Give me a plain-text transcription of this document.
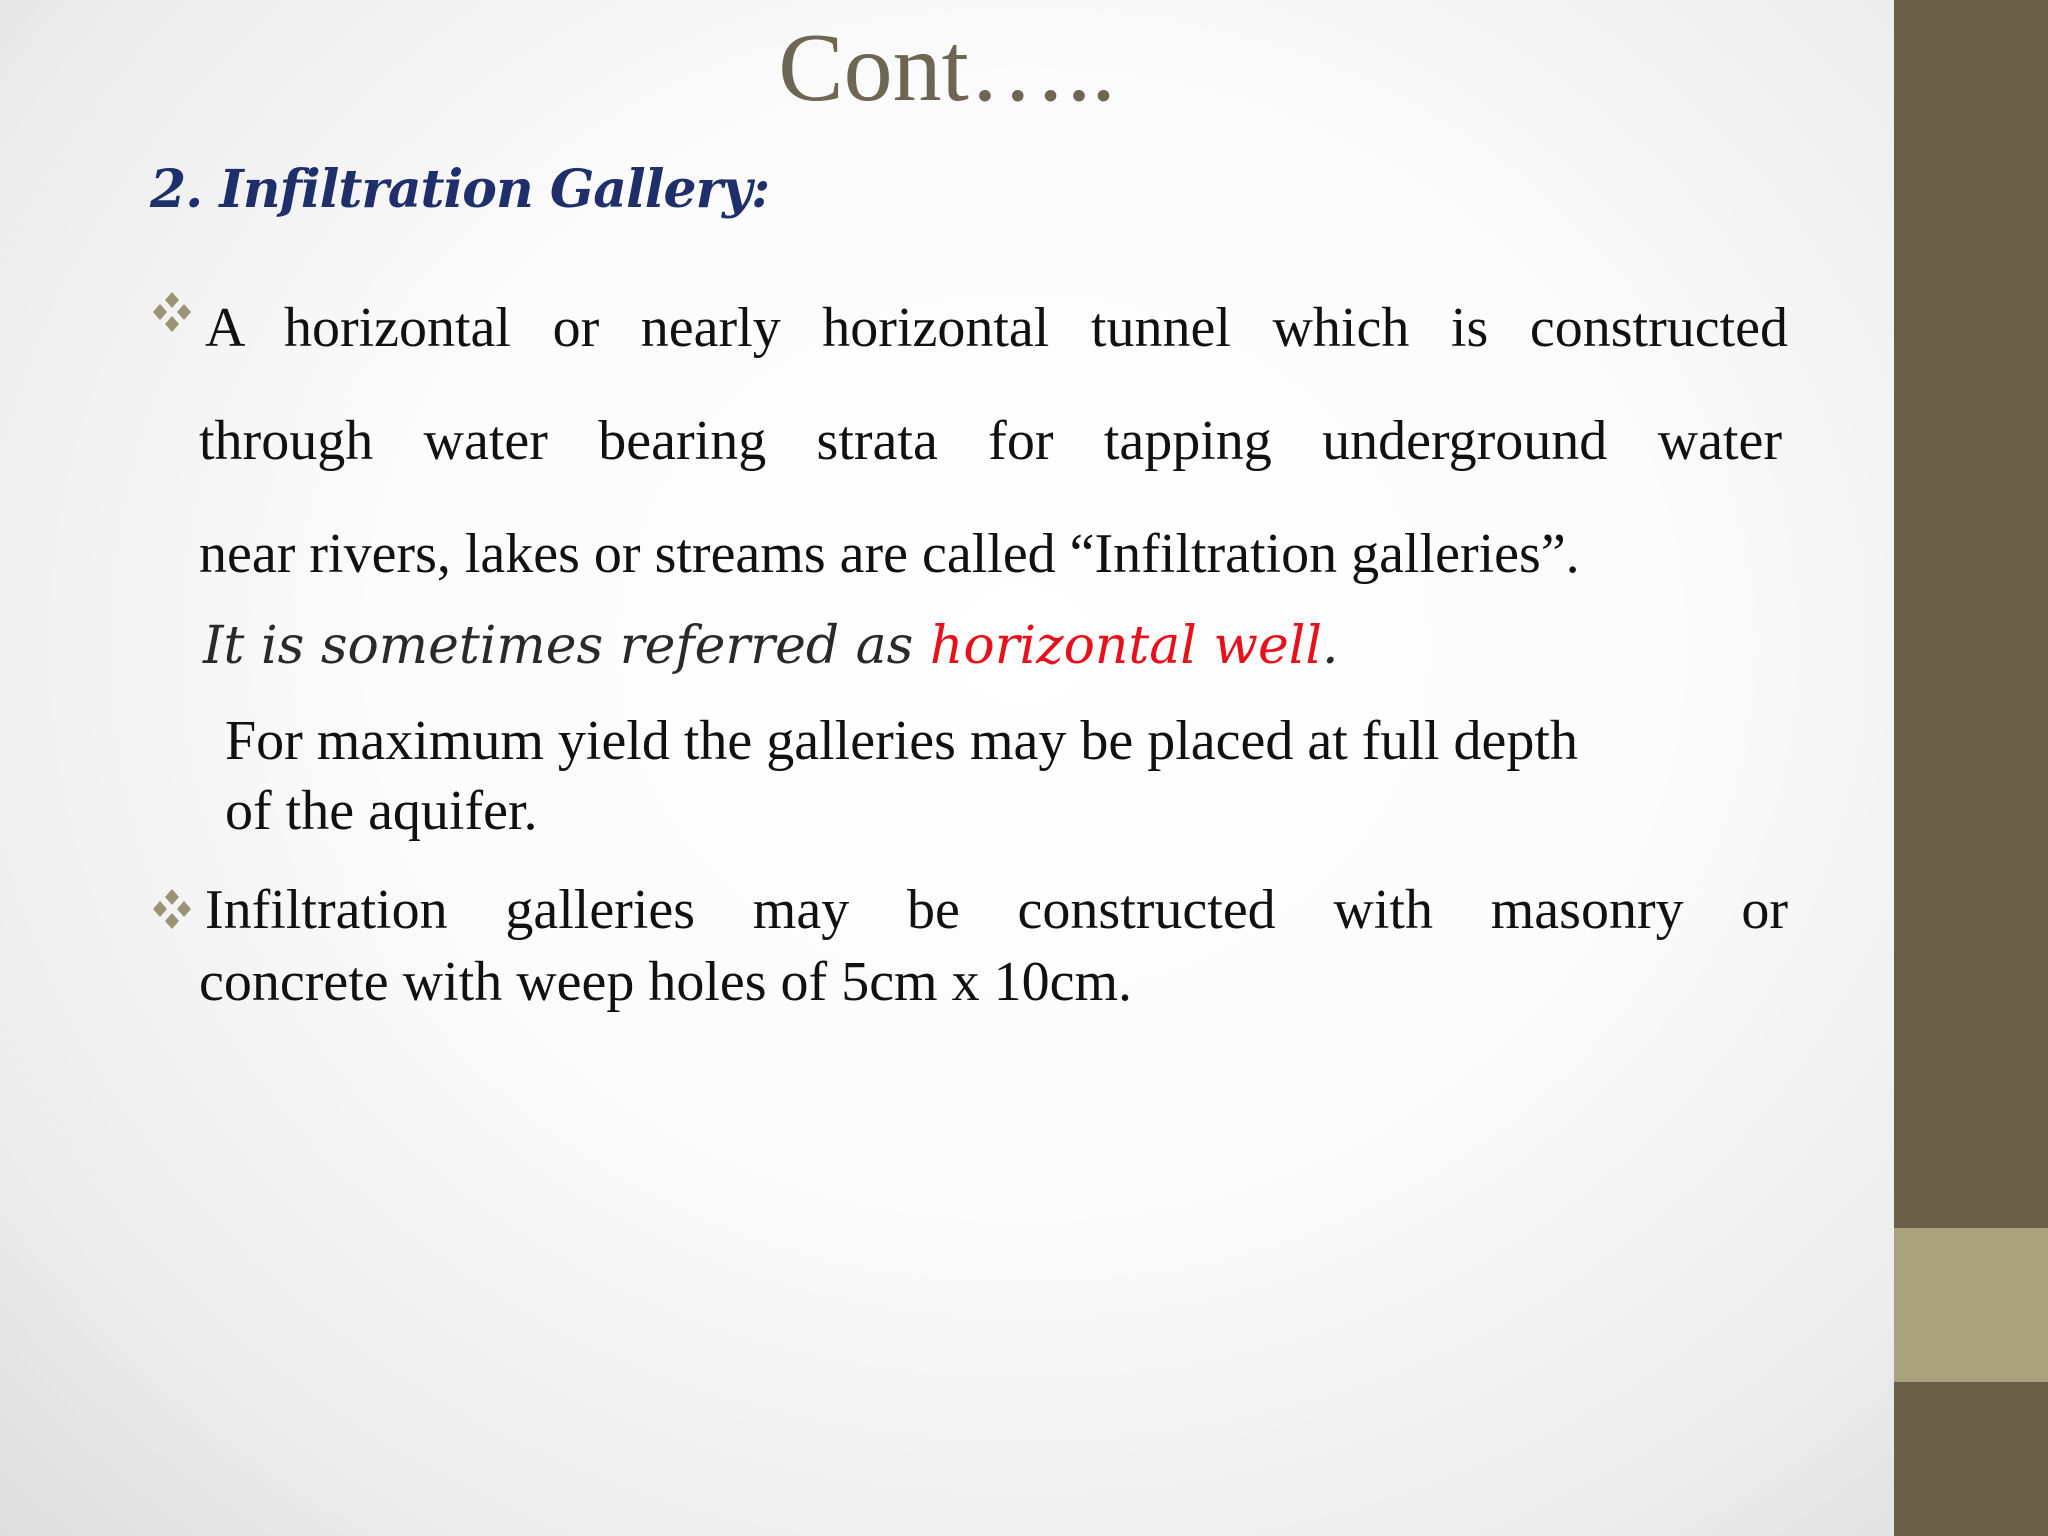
Cont…..
2. Infiltration Gallery:
A horizontal or nearly horizontal tunnel which is constructed
through water bearing strata for tapping underground water
near rivers, lakes or streams are called “Infiltration galleries”.
It is sometimes referred as horizontal well.
For maximum yield the galleries may be placed at full depth
of the aquifer.
Infiltration galleries may be constructed with masonry or
concrete with weep holes of 5cm x 10cm.
